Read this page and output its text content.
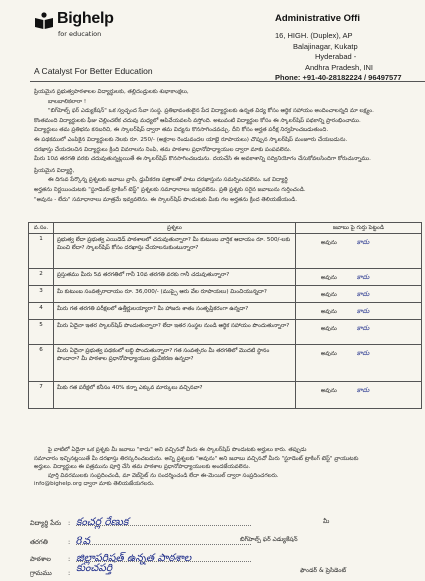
Bighelp
for education
A Catalyst For Better Education
Administrative Offi
16, HIGH. (Duplex), AP
Balajinagar, Kukatp
Hyderabad -
Andhra Pradesh, INI
Phone: +91-40-28182224 / 96497577

ప్రియమైన ప్రభుత్వపాఠశాలల విద్యార్థులకు, తల్లిదండ్రులకు శుభాకాంక్షలు,

బాలబాలికలారా !

"బిగ్‌హెల్ప్ ఫర్ ఎడ్యుకేషన్" ఒక స్వచ్ఛంద సేవా సంస్థ. ప్రతిభావంతులైన పేద విద్యార్థులకు ఉన్నత విద్య కోసం ఆర్థిక సహాయం అందించాలన్నది మా లక్ష్యం.

కొంతమంది విద్యార్థులకు ఫీజు చెల్లించలేక చదువు మధ్యలో ఆపివేయవలసి వస్తోంది. అటువంటి విద్యార్థుల కోసం ఈ స్కాలర్‌షిప్ పథకాన్ని ప్రారంభించాము.

విద్యార్థులు తమ ప్రతిభను కనబరిచి, ఈ స్కాలర్‌షిప్ ద్వారా తమ విద్యను కొనసాగించవచ్చు. దీని కోసం అర్హత పరీక్ష నిర్వహించబడుతుంది.

ఈ పథకములో ఎంపికైన విద్యార్థులకు నెలకు రూ. 250/- (అక్షరాల రెండువందల యాభై రూపాయలు) చొప్పున స్కాలర్‌షిప్ మంజూరు చేయబడును.

దరఖాస్తు చేయదలచిన విద్యార్థులు క్రింది వివరాలను నింపి, తమ పాఠశాల ప్రధానోపాధ్యాయుల ద్వారా మాకు పంపవలెను.

మీరు 10వ తరగతి వరకు చదువుతున్నట్లయితే ఈ స్కాలర్‌షిప్ కొనసాగించబడును. దయచేసి ఈ అవకాశాన్ని సద్వినియోగం చేసుకోవలసిందిగా కోరుచున్నాము.

ప్రియమైన విద్యార్థి,

ఈ దిగువ పేర్కొన్న ప్రశ్నలకు జవాబు వ్రాసి, ధ్రువీకరణ పత్రాలతో పాటు దరఖాస్తును సమర్పించవలెను. ఒక విద్యార్థి

అర్హతను నిర్ణయించుటకు "స్టూడెంట్ ట్రాకింగ్ టెస్ట్" ప్రశ్నలకు సమాధానాలు ఇవ్వవలెను. ప్రతి ప్రశ్నకు సరైన జవాబును గుర్తించండి.

"అవును - లేదు" సమాధానాలు మాత్రమే ఇవ్వవలెను. ఈ స్కాలర్‌షిప్ పొందుటకు మీకు గల అర్హతను క్రింద తెలియజేయండి.

వ.సం.	ప్రశ్నలు	జవాబు పై గుర్తు పెట్టండి
1	ప్రభుత్వ లేదా ప్రభుత్వ ఎయిడెడ్ పాఠశాలలో చదువుతున్నారా? మీ కుటుంబ వార్షిక ఆదాయం రూ. 500/-లకు మించి లేదా? స్కాలర్‌షిప్ కోసం దరఖాస్తు చేయాలనుకుంటున్నారా?	అవును కాదు
2	ప్రస్తుతము మీరు 5వ తరగతిలో గానీ 10వ తరగతి వరకు గానీ చదువుతున్నారా?	అవును కాదు
3	మీ కుటుంబ సంవత్సరాదాయం రూ. 36,000/- (ముప్పై ఆరు వేల రూపాయలు) మించియున్నదా?	అవును కాదు
4	మీరు గత తరగతి పరీక్షలలో ఉత్తీర్ణులయ్యారా? మీ హాజరు శాతం సంతృప్తికరంగా ఉన్నదా?	అవును కాదు
5	మీరు ఏదైనా ఇతర స్కాలర్‌షిప్ పొందుతున్నారా? లేదా ఇతర సంస్థల నుండి ఆర్థిక సహాయం పొందుతున్నారా?	అవును కాదు
6	మీరు ఏదైనా ప్రభుత్వ పథకంలో లబ్ధి పొందుతున్నారా? గత సంవత్సరం మీ తరగతిలో మొదటి స్థానం పొందారా? మీ పాఠశాల ప్రధానోపాధ్యాయుల ధ్రువీకరణ ఉన్నదా?	అవును కాదు
7	మీకు గత పరీక్షలో కనీసం 40% కన్నా ఎక్కువ మార్కులు వచ్చినవా?	అవును కాదు

పై వాటిలో ఏదైనా ఒక ప్రశ్నకు మీ జవాబు "కాదు" అని వచ్చినచో మీరు ఈ స్కాలర్‌షిప్ పొందుటకు అర్హులు కారు. తప్పుడు

సమాచారం ఇచ్చినట్లయితే మీ దరఖాస్తు తిరస్కరించబడును. అన్ని ప్రశ్నలకు "అవును" అని జవాబు వచ్చినచో మీరు "స్టూడెంట్ ట్రాకింగ్ టెస్ట్" వ్రాయుటకు

అర్హులు. విద్యార్థులు ఈ పత్రమును పూర్తి చేసి తమ పాఠశాల ప్రధానోపాధ్యాయులకు అందజేయవలెను.

పూర్తి వివరములకు సంప్రదించండి, మా వెబ్‌సైట్ ను సందర్శించండి లేదా ఈ-మెయిల్ ద్వారా సంప్రదించగలరు.

info@bighelp.org ద్వారా మాకు తెలియజేయగలరు.

విద్యార్థి పేరు : కంచర్ల రేణుక
తరగతి	: 8వ
పాఠశాల	: జిల్లాపరిషత్ ఉన్నత పాఠశాల
గ్రామము : కుంచపర్తి
మీ
బిగ్‌హెల్ప్ ఫర్ ఎడ్యుకేషన్
ఫౌండర్ & ప్రెసిడెంట్
